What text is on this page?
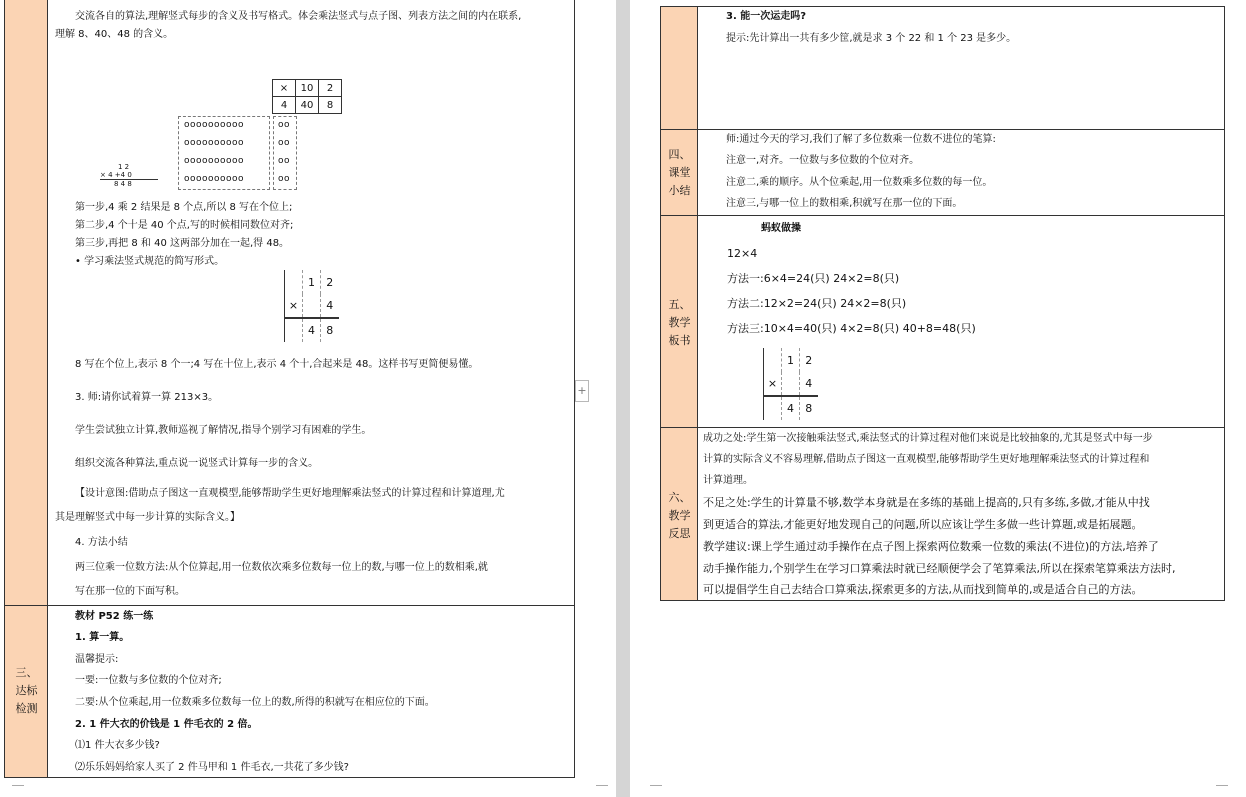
交流各自的算法,理解竖式每步的含义及书写格式。体会乘法竖式与点子图、列表方法之间的内在联系,
理解 8、40、48 的含义。
×	10	2
4	40	8
oooooooooo
oooooooooo
oooooooooo
oooooooooo
oo
oo
oo
oo
1 2
× 4 +4 0
8 4 8
第一步,4 乘 2 结果是 8 个点,所以 8 写在个位上;
第二步,4 个十是 40 个点,写的时候相同数位对齐;
第三步,再把 8 和 40 这两部分加在一起,得 48。
• 学习乘法竖式规范的简写形式。
	1	2
×		4
	4	8
8 写在个位上,表示 8 个一;4 写在十位上,表示 4 个十,合起来是 48。这样书写更简便易懂。
3. 师:请你试着算一算 213×3。
学生尝试独立计算,教师巡视了解情况,指导个别学习有困难的学生。
组织交流各种算法,重点说一说竖式计算每一步的含义。
【设计意图:借助点子图这一直观模型,能够帮助学生更好地理解乘法竖式的计算过程和计算道理,尤
其是理解竖式中每一步计算的实际含义。】
4. 方法小结
两三位乘一位数方法:从个位算起,用一位数依次乘多位数每一位上的数,与哪一位上的数相乘,就
写在那一位的下面写积。
三、
达标
检测
教材 P52 练一练
1. 算一算。
温馨提示:
一要:一位数与多位数的个位对齐;
二要:从个位乘起,用一位数乘多位数每一位上的数,所得的积就写在相应位的下面。
2. 1 件大衣的价钱是 1 件毛衣的 2 倍。
⑴1 件大衣多少钱?
⑵乐乐妈妈给家人买了 2 件马甲和 1 件毛衣,一共花了多少钱?
+
3. 能一次运走吗?
提示:先计算出一共有多少筐,就是求 3 个 22 和 1 个 23 是多少。
四、
课堂
小结
师:通过今天的学习,我们了解了多位数乘一位数不进位的笔算:
注意一,对齐。一位数与多位数的个位对齐。
注意二,乘的顺序。从个位乘起,用一位数乘多位数的每一位。
注意三,与哪一位上的数相乘,积就写在那一位的下面。
五、
教学
板书
蚂蚁做操
12×4
方法一:6×4=24(只) 24×2=8(只)
方法二:12×2=24(只) 24×2=8(只)
方法三:10×4=40(只) 4×2=8(只) 40+8=48(只)
	1	2
×		4
	4	8
六、
教学
反思
成功之处:学生第一次接触乘法竖式,乘法竖式的计算过程对他们来说是比较抽象的,尤其是竖式中每一步
计算的实际含义不容易理解,借助点子图这一直观模型,能够帮助学生更好地理解乘法竖式的计算过程和
计算道理。
不足之处:学生的计算量不够,数学本身就是在多练的基础上提高的,只有多练,多做,才能从中找
到更适合的算法,才能更好地发现自己的问题,所以应该让学生多做一些计算题,或是拓展题。
教学建议:课上学生通过动手操作在点子图上探索两位数乘一位数的乘法(不进位)的方法,培养了
动手操作能力,个别学生在学习口算乘法时就已经顺便学会了笔算乘法,所以在探索笔算乘法方法时,
可以提倡学生自己去结合口算乘法,探索更多的方法,从而找到简单的,或是适合自己的方法。
